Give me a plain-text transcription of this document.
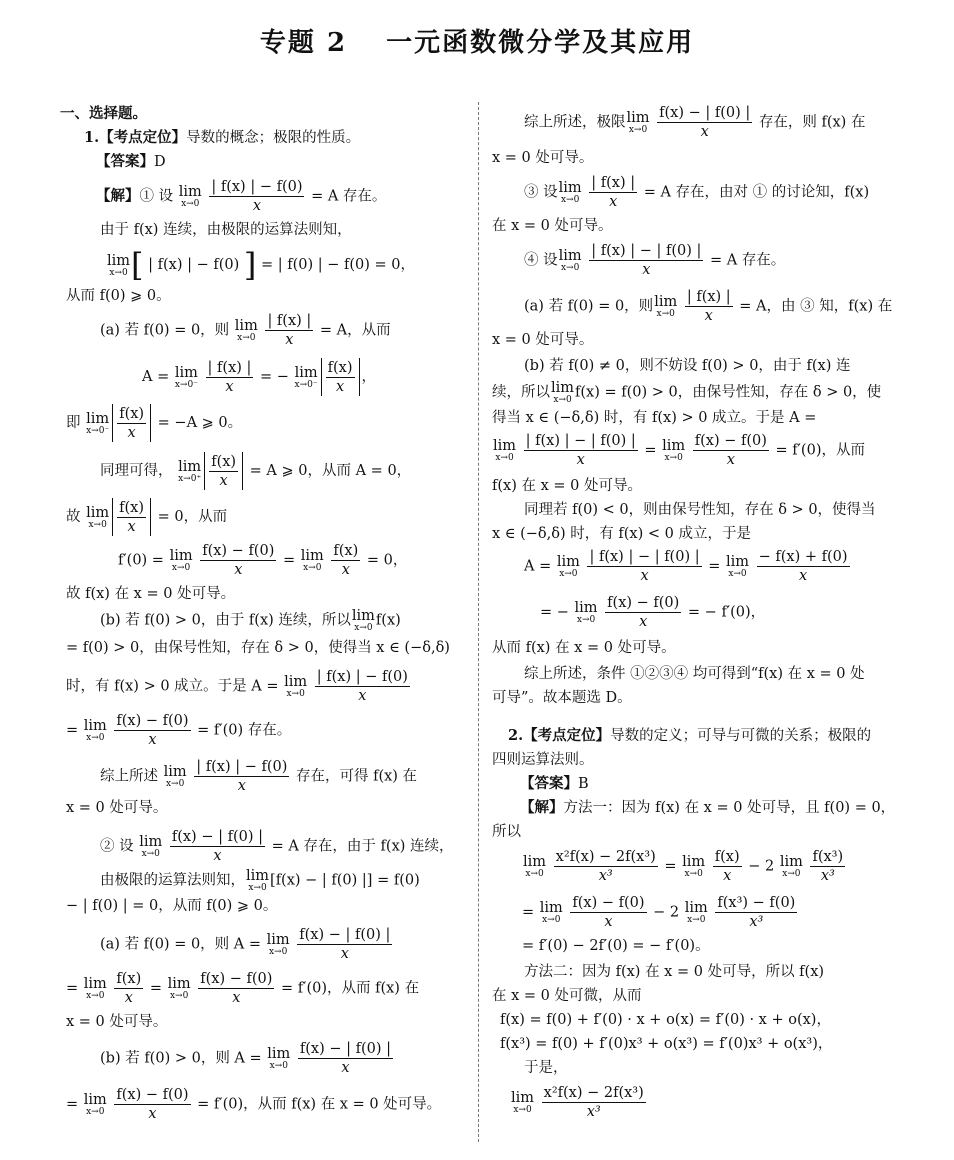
专题 2　 一元函数微分学及其应用
一、选择题。
1.【考点定位】导数的概念；极限的性质。
【答案】D
【解】① 设 lim
x→0
$\frac{| f(x) | - f(0)}{x} = A$ 存在。
由于 f(x) 连续，由极限的运算法则知，
lim
x→0 [ | f(x) | − f(0) ] = | f(0) | − f(0) = 0，
从而 f(0) ⩾ 0。
(a) 若 f(0) = 0，则 lim
x→0
$\frac{| f(x) |}{x} = A$，从而
A = lim
x→0⁻
$\frac{| f(x) |}{x}$ = − lim
$x\to 0^- \frac{f(x)}{x}$ ，
即 lim
$x\to 0^- \frac{f(x)}{x} = -A$ ⩾ 0。
同理可得， lim
$x\to 0^+ \frac{f(x)}{x} = A$ ⩾ 0，从而 A = 0，
故 lim
$x\to 0 \frac{f(x)}{x} = 0$，从而
f′(0) = lim
x→0
$\frac{f(x) - f(0)}{x} = \lim$
x→0
$\frac{f(x)}{x} = 0$，
故 f(x) 在 x = 0 处可导。
(b) 若 f(0) > 0，由于 f(x) 连续，所以 lim
x→0 f(x)
= f(0) > 0，由保号性知，存在 δ > 0，使得当 x ∈ (−δ,δ)
时，有 f(x) > 0 成立。于是 A = lim
x→0
$\frac{| f(x) | - f(0)}{x}$
= lim
x→0
$\frac{f(x) - f(0)}{x} = f'(0)$ 存在。
综上所述 lim
x→0
$\frac{| f(x) | - f(0)}{x}$ 存在，可得 f(x) 在
x = 0 处可导。
② 设 lim
x→0
$\frac{f(x) - | f(0) |}{x} = A$ 存在，由于 f(x) 连续，
由极限的运算法则知， lim
x→0 [f(x) − | f(0) |] = f(0)
− | f(0) | = 0，从而 f(0) ⩾ 0。
(a) 若 f(0) = 0，则 A = lim
x→0
$\frac{f(x) - | f(0) |}{x}$
= lim
x→0
$\frac{f(x)}{x} = \lim$
x→0
$\frac{f(x) - f(0)}{x} = f'(0)$，从而 f(x) 在
x = 0 处可导。
(b) 若 f(0) > 0，则 A = lim
x→0
$\frac{f(x) - | f(0) |}{x}$
= lim
x→0
$\frac{f(x) - f(0)}{x} = f'(0)$，从而 f(x) 在 x = 0 处可导。
综上所述，极限 lim
x→0
$\frac{f(x) - | f(0) |}{x}$ 存在，则 f(x) 在
x = 0 处可导。
③ 设 lim
x→0
$\frac{| f(x) |}{x} = A$ 存在，由对 ① 的讨论知，f(x)
在 x = 0 处可导。
④ 设 lim
x→0
$\frac{| f(x) | - | f(0) |}{x} = A$ 存在。
(a) 若 f(0) = 0，则 lim
x→0
$\frac{| f(x) |}{x} = A$，由 ③ 知，f(x) 在
x = 0 处可导。
(b) 若 f(0) ≠ 0，则不妨设 f(0) > 0，由于 f(x) 连
续，所以 lim
x→0 f(x) = f(0) > 0，由保号性知，存在 δ > 0，使
得当 x ∈ (−δ,δ) 时，有 f(x) > 0 成立。于是 A =
lim
x→0
$\frac{| f(x) | - | f(0) |}{x} = \lim$
x→0
$\frac{f(x) - f(0)}{x} = f'(0)$，从而
f(x) 在 x = 0 处可导。
同理若 f(0) < 0，则由保号性知，存在 δ > 0，使得当
x ∈ (−δ,δ) 时，有 f(x) < 0 成立，于是
A = lim
x→0
$\frac{| f(x) | - | f(0) |}{x} = \lim$
x→0
$\frac{- f(x) + f(0)}{x}$
= − lim
x→0
$\frac{f(x) - f(0)}{x}$ = − f′(0)，
从而 f(x) 在 x = 0 处可导。
综上所述，条件 ①②③④ 均可得到“f(x) 在 x = 0 处
可导”。故本题选 D。
2.【考点定位】导数的定义；可导与可微的关系；极限的
四则运算法则。
【答案】B
【解】方法一：因为 f(x) 在 x = 0 处可导，且 f(0) = 0，
所以
lim
x→0
$\frac{\text{x²f(x) − 2f(x³)}}{\text{x³}} = \lim$
x→0
$\frac{f(x)}{x} - 2$ lim
x→0
$\frac{\text{f(x³)}}{\text{x³}}$
= lim
x→0
$\frac{f(x) - f(0)}{x} - 2$ lim
x→0
$\frac{\text{f(x³) − f(0)}}{\text{x³}}$
= f′(0) − 2f′(0) = − f′(0)。
方法二：因为 f(x) 在 x = 0 处可导，所以 f(x)
在 x = 0 处可微，从而
f(x) = f(0) + f′(0) · x + o(x) = f′(0) · x + o(x)，
f(x³) = f(0) + f′(0)x³ + o(x³) = f′(0)x³ + o(x³)，
于是，
lim
x→0
$\frac{\text{x²f(x) − 2f(x³)}}{\text{x³}}$
